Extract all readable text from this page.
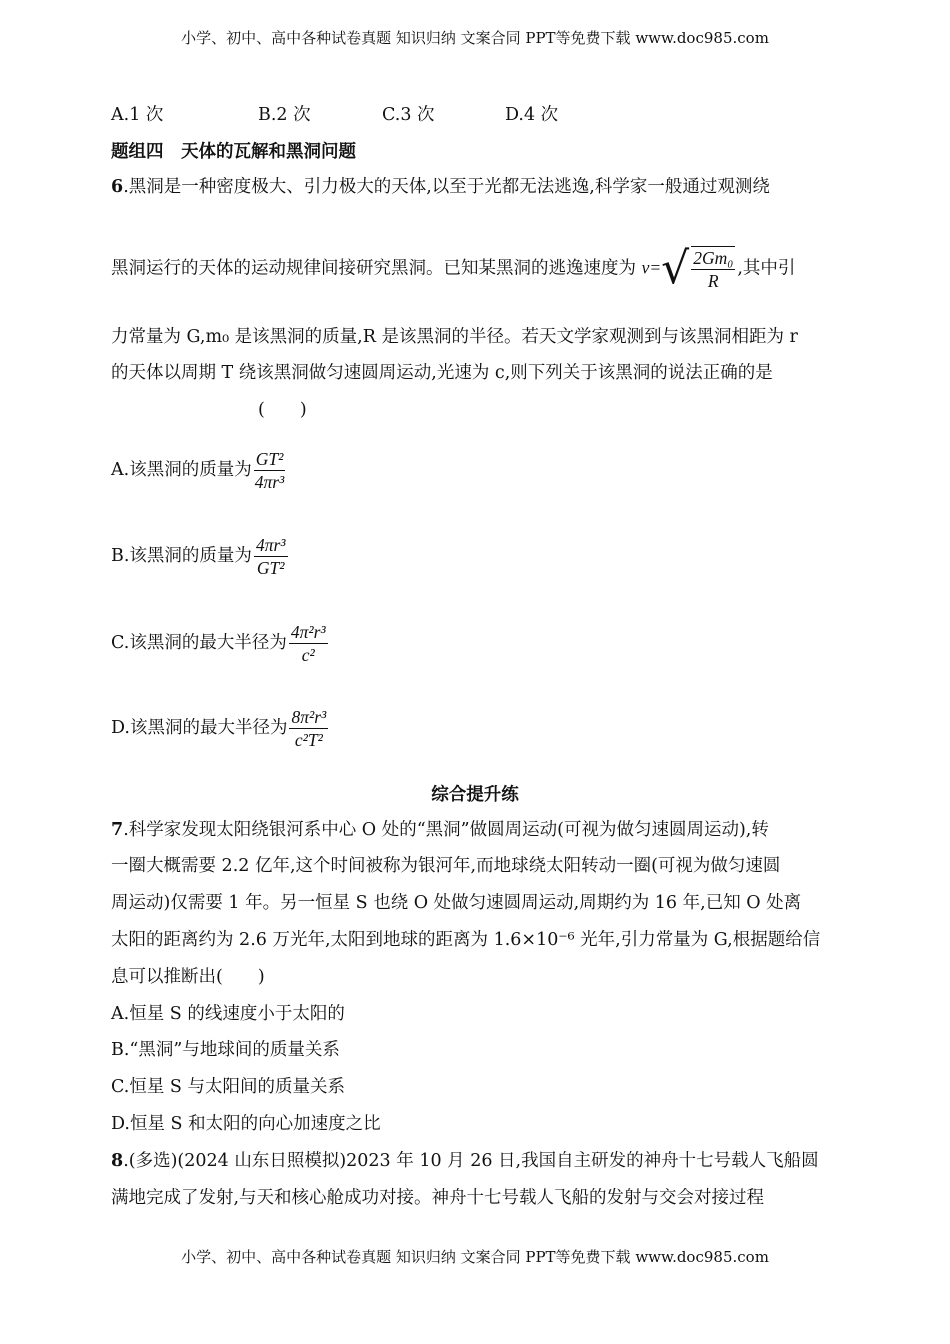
小学、初中、高中各种试卷真题 知识归纳 文案合同 PPT等免费下载 www.doc985.com
A.1 次	B.2 次	C.3 次	D.4 次
题组四　天体的瓦解和黑洞问题
6.黑洞是一种密度极大、引力极大的天体,以至于光都无法逃逸,科学家一般通过观测绕
黑洞运行的天体的运动规律间接研究黑洞。已知某黑洞的逃逸速度为 $v=√ \frac{\text{2Gm₀}}{R}$ ,其中引
力常量为 G,m₀ 是该黑洞的质量,R 是该黑洞的半径。若天文学家观测到与该黑洞相距为 r
的天体以周期 T 绕该黑洞做匀速圆周运动,光速为 c,则下列关于该黑洞的说法正确的是
(　　)
A.该黑洞的质量为 $\frac{\text{GT²}}{\text{4πr³}}$
B.该黑洞的质量为 $\frac{\text{4πr³}}{\text{GT²}}$
C.该黑洞的最大半径为 $\frac{\text{4π²r³}}{\text{c²}}$
D.该黑洞的最大半径为 $\frac{\text{8π²r³}}{\text{c²T²}}$
综合提升练
7.科学家发现太阳绕银河系中心 O 处的“黑洞”做圆周运动(可视为做匀速圆周运动),转
一圈大概需要 2.2 亿年,这个时间被称为银河年,而地球绕太阳转动一圈(可视为做匀速圆
周运动)仅需要 1 年。另一恒星 S 也绕 O 处做匀速圆周运动,周期约为 16 年,已知 O 处离
太阳的距离约为 2.6 万光年,太阳到地球的距离为 1.6×10⁻⁶ 光年,引力常量为 G,根据题给信
息可以推断出(　　)
A.恒星 S 的线速度小于太阳的
B.“黑洞”与地球间的质量关系
C.恒星 S 与太阳间的质量关系
D.恒星 S 和太阳的向心加速度之比
8.(多选)(2024 山东日照模拟)2023 年 10 月 26 日,我国自主研发的神舟十七号载人飞船圆
满地完成了发射,与天和核心舱成功对接。神舟十七号载人飞船的发射与交会对接过程
小学、初中、高中各种试卷真题 知识归纳 文案合同 PPT等免费下载 www.doc985.com
